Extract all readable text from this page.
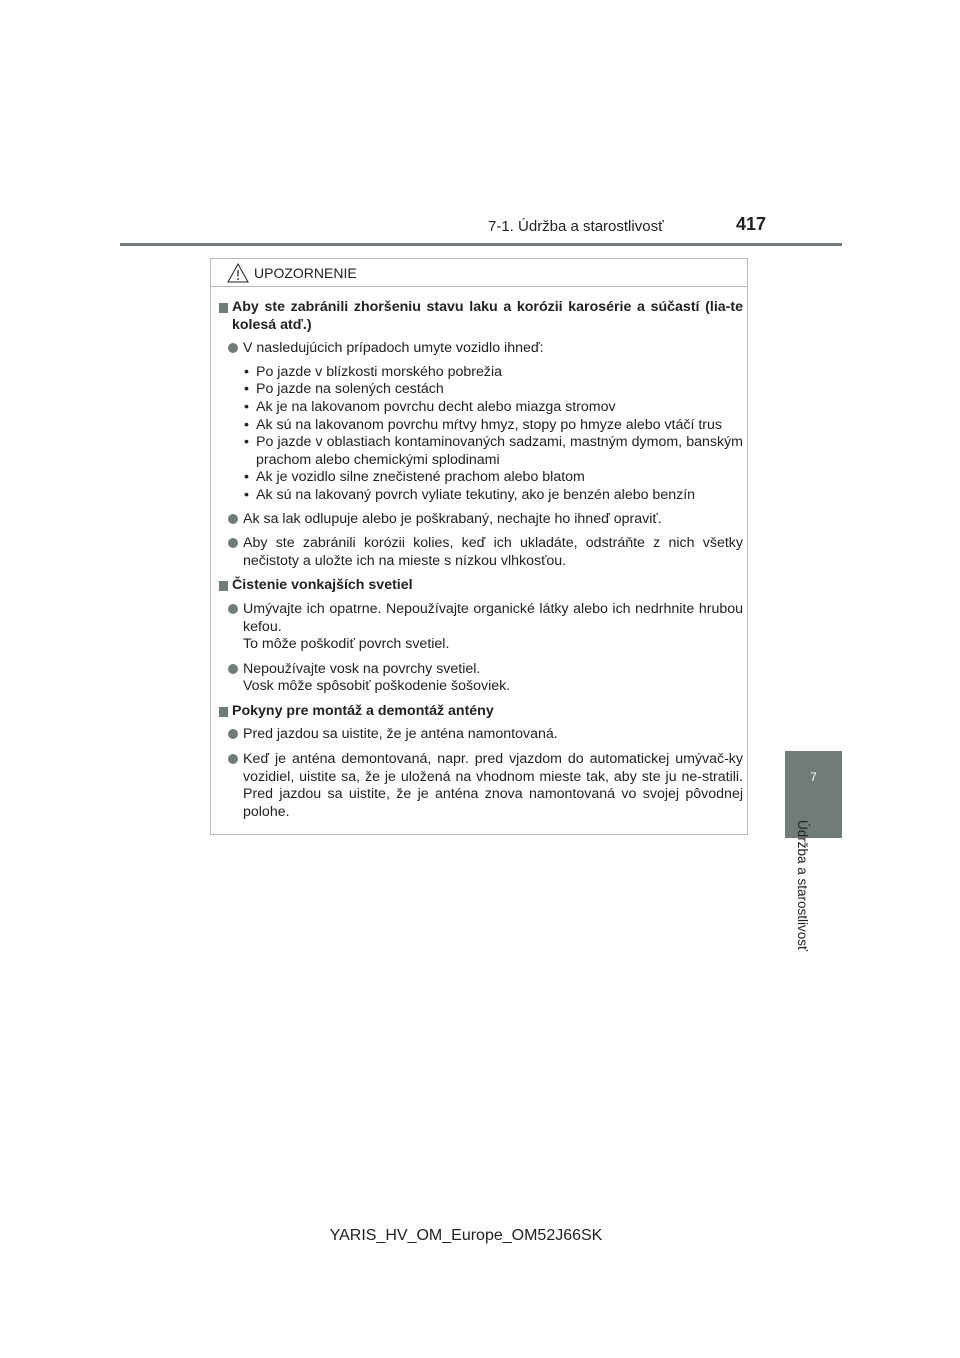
7-1. Údržba a starostlivosť	417
7
Údržba a starostlivosť
UPOZORNENIE
Aby ste zabránili zhoršeniu stavu laku a korózii karosérie a súčastí (lia-te kolesá atď.)
V nasledujúcich prípadoch umyte vozidlo ihneď:
• Po jazde v blízkosti morského pobrežia
• Po jazde na solených cestách
• Ak je na lakovanom povrchu decht alebo miazga stromov
• Ak sú na lakovanom povrchu mŕtvy hmyz, stopy po hmyze alebo vtáčí trus
• Po jazde v oblastiach kontaminovaných sadzami, mastným dymom, banským prachom alebo chemickými splodinami
• Ak je vozidlo silne znečistené prachom alebo blatom
• Ak sú na lakovaný povrch vyliate tekutiny, ako je benzén alebo benzín
Ak sa lak odlupuje alebo je poškrabaný, nechajte ho ihneď opraviť.
Aby ste zabránili korózii kolies, keď ich ukladáte, odstráňte z nich všetky nečistoty a uložte ich na mieste s nízkou vlhkosťou.
Čistenie vonkajších svetiel
Umývajte ich opatrne. Nepoužívajte organické látky alebo ich nedrhnite hrubou kefou.
To môže poškodiť povrch svetiel.
Nepoužívajte vosk na povrchy svetiel.
Vosk môže spôsobiť poškodenie šošoviek.
Pokyny pre montáž a demontáž antény
Pred jazdou sa uistite, že je anténa namontovaná.
Keď je anténa demontovaná, napr. pred vjazdom do automatickej umývač-ky vozidiel, uistite sa, že je uložená na vhodnom mieste tak, aby ste ju ne-stratili. Pred jazdou sa uistite, že je anténa znova namontovaná vo svojej pôvodnej polohe.
YARIS_HV_OM_Europe_OM52J66SK
